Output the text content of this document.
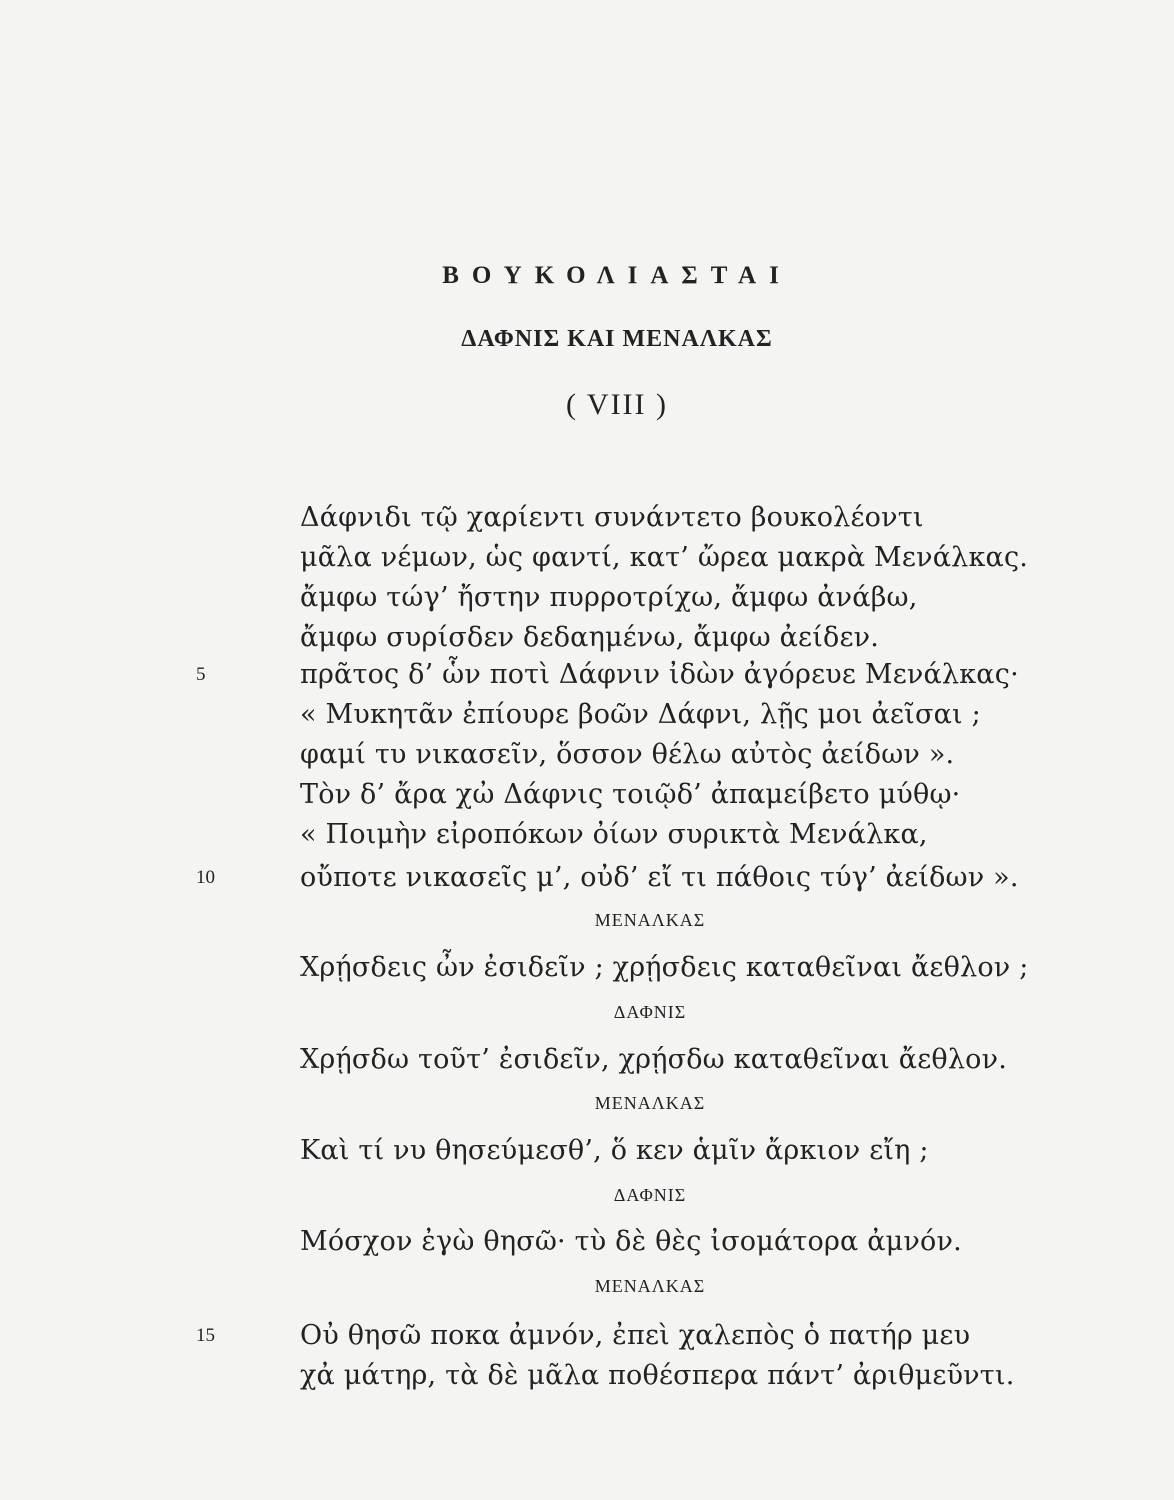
ΒΟΥΚΟΛΙΑΣΤΑΙ
ΔΑΦΝΙΣ ΚΑΙ ΜΕΝΑΛΚΑΣ
( VIII )
Δάφνιδι τῷ χαρίεντι συνάντετο βουκολέοντι
μᾶλα νέμων, ὡς φαντί, κατ’ ὤρεα μακρὰ Μενάλκας.
ἄμφω τώγ’ ἤστην πυρροτρίχω, ἄμφω ἀνάβω,
ἄμφω συρίσδεν δεδαημένω, ἄμφω ἀείδεν.
5	πρᾶτος δ’ ὧν ποτὶ Δάφνιν ἰδὼν ἀγόρευε Μενάλκας·
« Μυκητᾶν ἐπίουρε βοῶν Δάφνι, λῇς μοι ἀεῖσαι ;
φαμί τυ νικασεῖν, ὅσσον θέλω αὐτὸς ἀείδων ».
Τὸν δ’ ἄρα χὠ Δάφνις τοιῷδ’ ἀπαμείβετο μύθῳ·
« Ποιμὴν εἰροπόκων ὀίων συρικτὰ Μενάλκα,
10	οὔποτε νικασεῖς μ’, οὐδ’ εἴ τι πάθοις τύγ’ ἀείδων ».
ΜΕΝΑΛΚΑΣ
Χρῄσδεις ὦν ἐσιδεῖν ; χρῄσδεις καταθεῖναι ἄεθλον ;
ΔΑΦΝΙΣ
Χρῄσδω τοῦτ’ ἐσιδεῖν, χρῄσδω καταθεῖναι ἄεθλον.
ΜΕΝΑΛΚΑΣ
Καὶ τί νυ θησεύμεσθ’, ὅ κεν ἁμῖν ἄρκιον εἴη ;
ΔΑΦΝΙΣ
Μόσχον ἐγὼ θησῶ· τὺ δὲ θὲς ἰσομάτορα ἀμνόν.
ΜΕΝΑΛΚΑΣ
15	Οὐ θησῶ ποκα ἀμνόν, ἐπεὶ χαλεπὸς ὁ πατήρ μευ
χἀ μάτηρ, τὰ δὲ μᾶλα ποθέσπερα πάντ’ ἀριθμεῦντι.
